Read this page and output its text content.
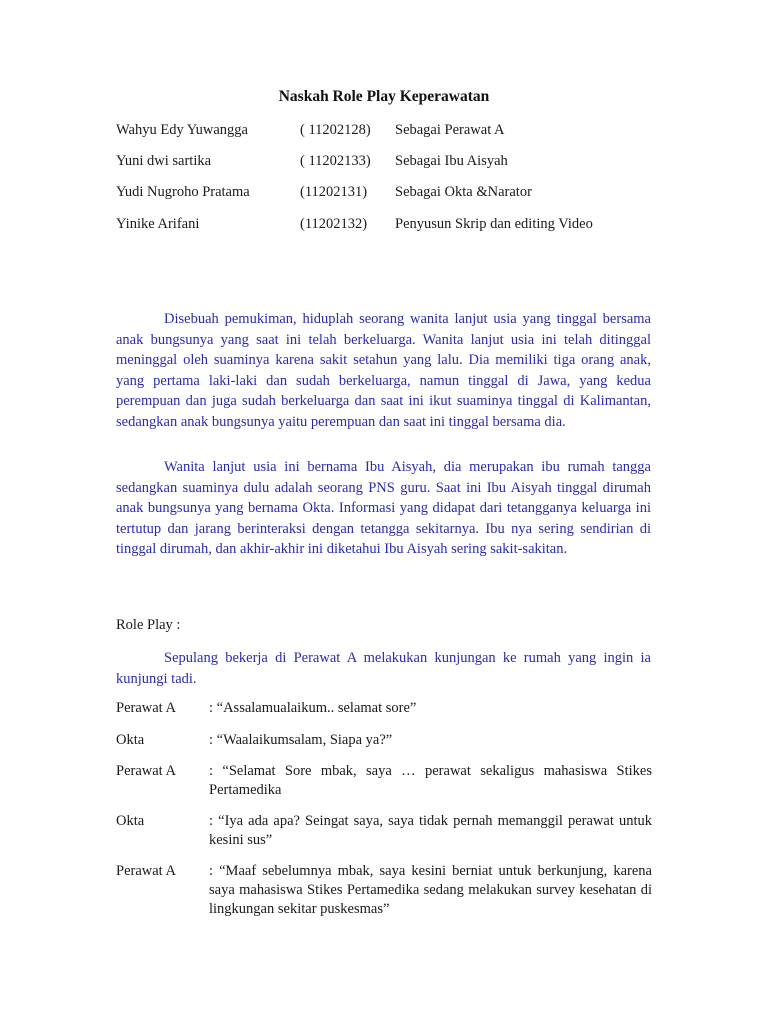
Naskah Role Play Keperawatan
Wahyu Edy Yuwangga	( 11202128) Sebagai Perawat A
Yuni dwi sartika	( 11202133) Sebagai Ibu Aisyah
Yudi Nugroho Pratama	(11202131) Sebagai Okta &Narator
Yinike Arifani	(11202132) Penyusun Skrip dan editing Video

Disebuah pemukiman, hiduplah seorang wanita lanjut usia yang tinggal bersama anak bungsunya yang saat ini telah berkeluarga. Wanita lanjut usia ini telah ditinggal meninggal oleh suaminya karena sakit setahun yang lalu. Dia memiliki tiga orang anak, yang pertama laki-laki dan sudah berkeluarga, namun tinggal di Jawa, yang kedua perempuan dan juga sudah berkeluarga dan saat ini ikut suaminya tinggal di Kalimantan, sedangkan anak bungsunya yaitu perempuan dan saat ini tinggal bersama dia.

Wanita lanjut usia ini bernama Ibu Aisyah, dia merupakan ibu rumah tangga sedangkan suaminya dulu adalah seorang PNS guru. Saat ini Ibu Aisyah tinggal dirumah anak bungsunya yang bernama Okta. Informasi yang didapat dari tetangganya keluarga ini tertutup dan jarang berinteraksi dengan tetangga sekitarnya. Ibu nya sering sendirian di tinggal dirumah, dan akhir-akhir ini diketahui Ibu Aisyah sering sakit-sakitan.

Role Play :

Sepulang bekerja di Perawat A melakukan kunjungan ke rumah yang ingin ia kunjungi tadi.

Perawat A : “Assalamualaikum.. selamat sore”
Okta	: “Waalaikumsalam, Siapa ya?”
Perawat A : “Selamat Sore mbak, saya … perawat sekaligus mahasiswa Stikes Pertamedika
Okta	: “Iya ada apa? Seingat saya, saya tidak pernah memanggil perawat untuk kesini sus”
Perawat A : “Maaf sebelumnya mbak, saya kesini berniat untuk berkunjung, karena saya mahasiswa Stikes Pertamedika sedang melakukan survey kesehatan di lingkungan sekitar puskesmas”
